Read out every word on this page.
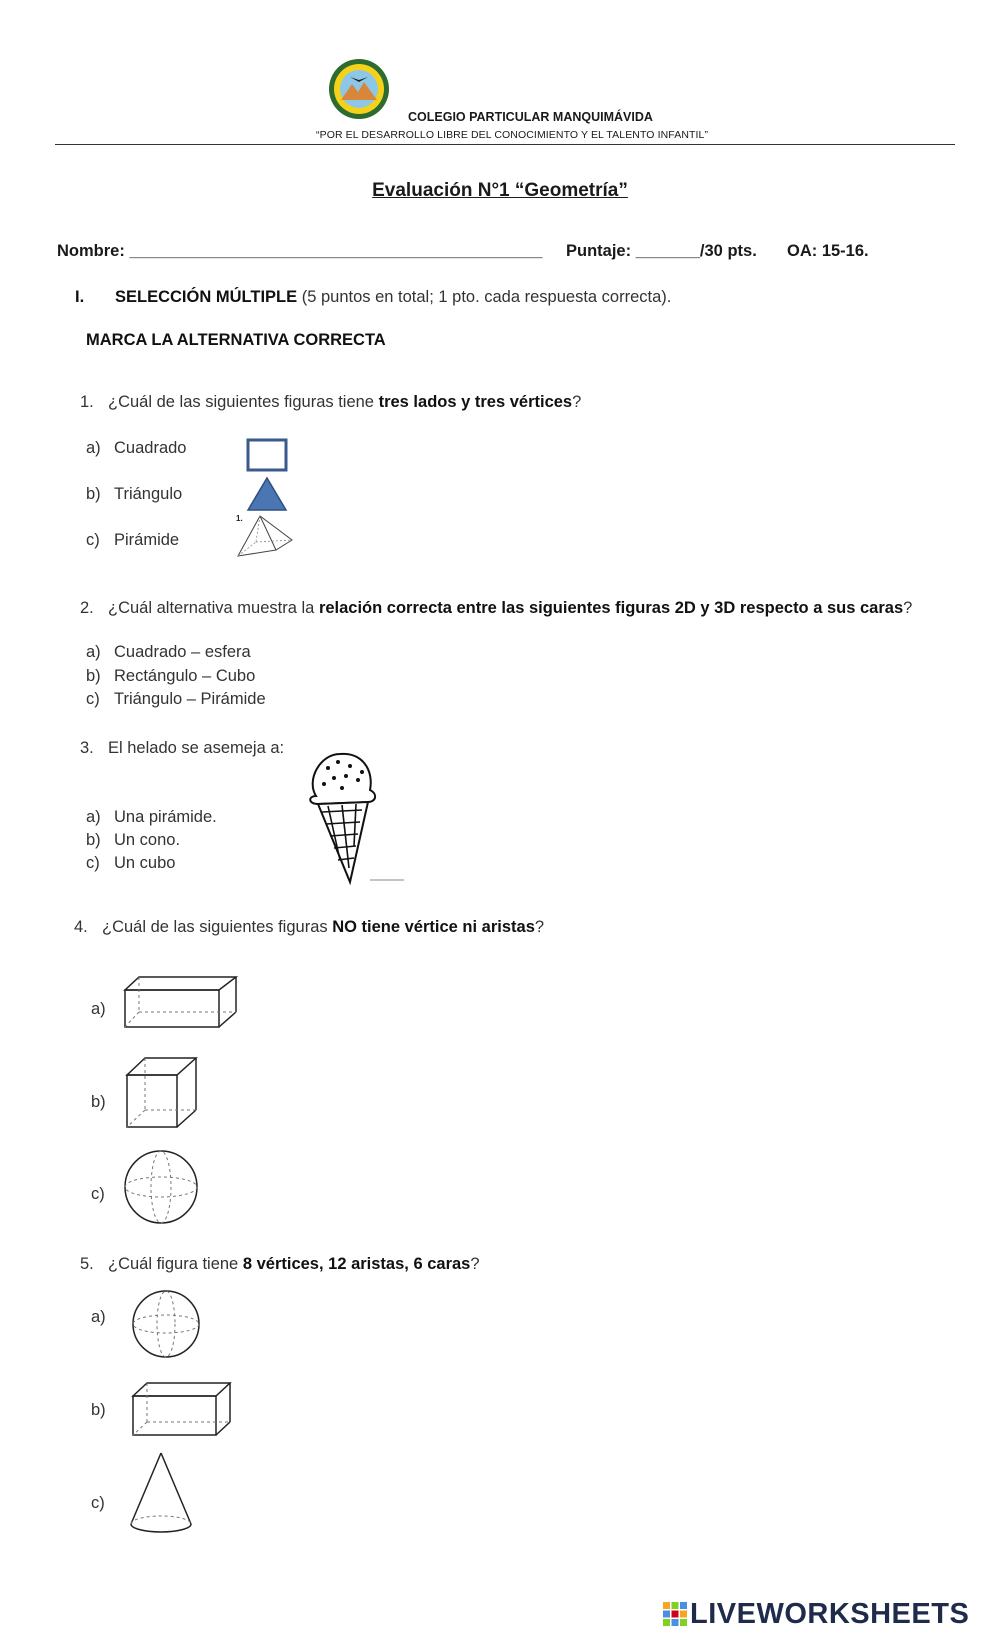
COLEGIO PARTICULAR MANQUIMÁVIDA
“POR EL DESARROLLO LIBRE DEL CONOCIMIENTO Y EL TALENTO INFANTIL”
Evaluación N°1 “Geometría”
Nombre: _____________________________________________ Puntaje: _______/30 pts. OA: 15-16.
I. SELECCIÓN MÚLTIPLE (5 puntos en total; 1 pto. cada respuesta correcta).
MARCA LA ALTERNATIVA CORRECTA
1. ¿Cuál de las siguientes figuras tiene tres lados y tres vértices?
a) Cuadrado
b) Triángulo
c) Pirámide
1.
2. ¿Cuál alternativa muestra la relación correcta entre las siguientes figuras 2D y 3D respecto a sus caras?
a) Cuadrado – esfera
b) Rectángulo – Cubo
c) Triángulo – Pirámide
3. El helado se asemeja a:
a) Una pirámide.
b) Un cono.
c) Un cubo
4. ¿Cuál de las siguientes figuras NO tiene vértice ni aristas?
a)
b)
c)
5. ¿Cuál figura tiene 8 vértices, 12 aristas, 6 caras?
a)
b)
c)
LIVEWORKSHEETS
